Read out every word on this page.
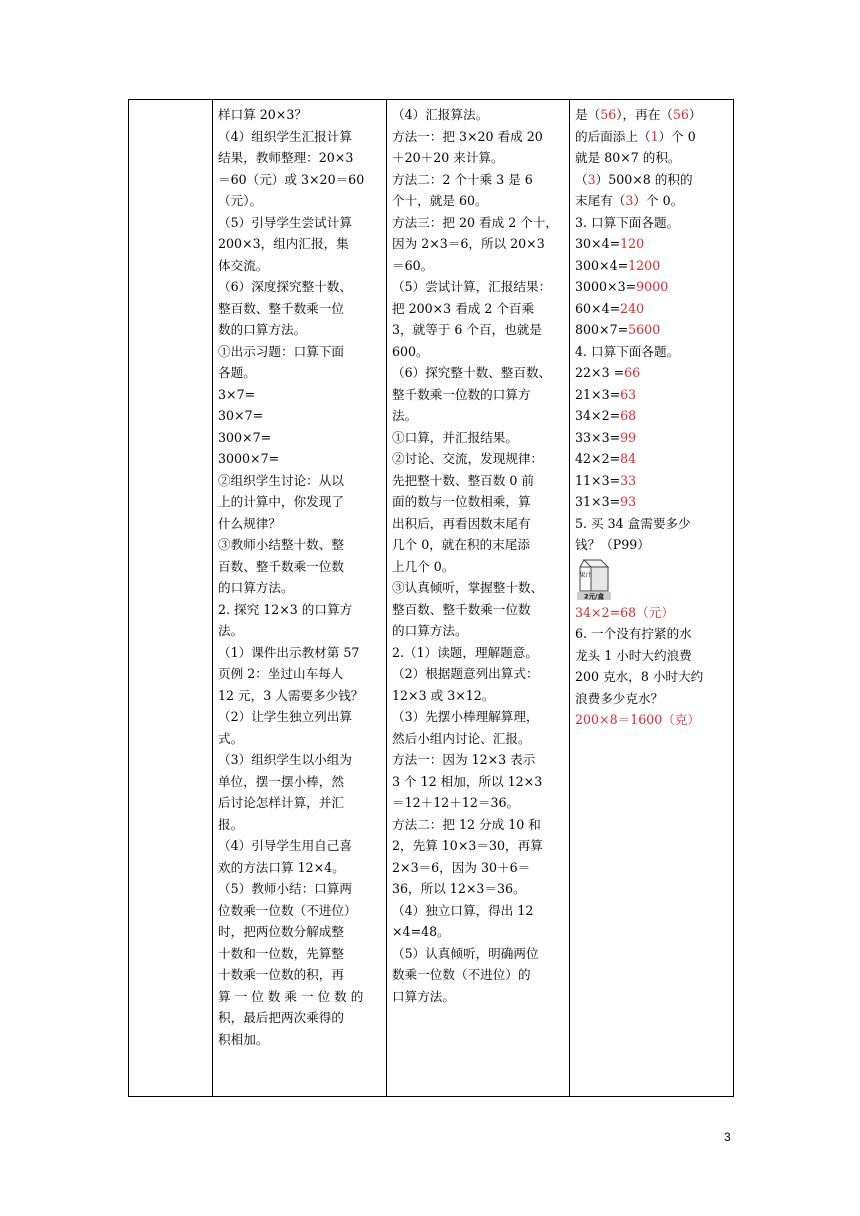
样口算 20×3？
（4）组织学生汇报计算
结果，教师整理：20×3
＝60（元）或 3×20＝60
（元）。
（5）引导学生尝试计算
200×3，组内汇报，集
体交流。
（6）深度探究整十数、
整百数、整千数乘一位
数的口算方法。
①出示习题：口算下面
各题。
3×7=
30×7=
300×7=
3000×7=
②组织学生讨论：从以
上的计算中，你发现了
什么规律？
③教师小结整十数、整
百数、整千数乘一位数
的口算方法。
2. 探究 12×3 的口算方
法。
（1）课件出示教材第 57
页例 2：坐过山车每人
12 元，3 人需要多少钱？
（2）让学生独立列出算
式。
（3）组织学生以小组为
单位，摆一摆小棒，然
后讨论怎样计算，并汇
报。
（4）引导学生用自己喜
欢的方法口算 12×4。
（5）教师小结：口算两
位数乘一位数（不进位）
时，把两位数分解成整
十数和一位数，先算整
十数乘一位数的积，再
算 一 位 数 乘 一 位 数 的
积，最后把两次乘得的
积相加。

（4）汇报算法。
方法一：把 3×20 看成 20
＋20＋20 来计算。
方法二：2 个十乘 3 是 6
个十，就是 60。
方法三：把 20 看成 2 个十，
因为 2×3＝6，所以 20×3
＝60。
（5）尝试计算，汇报结果：
把 200×3 看成 2 个百乘
3，就等于 6 个百，也就是
600。
（6）探究整十数、整百数、
整千数乘一位数的口算方
法。
①口算，并汇报结果。
②讨论、交流，发现规律：
先把整十数、整百数 0 前
面的数与一位数相乘，算
出积后，再看因数末尾有
几个 0，就在积的末尾添
上几个 0。
③认真倾听，掌握整十数、
整百数、整千数乘一位数
的口算方法。
2.（1）读题，理解题意。
（2）根据题意列出算式：
12×3 或 3×12。
（3）先摆小棒理解算理，
然后小组内讨论、汇报。
方法一：因为 12×3 表示
3 个 12 相加，所以 12×3
＝12＋12＋12＝36。
方法二：把 12 分成 10 和
2，先算 10×3＝30，再算
2×3＝6，因为 30＋6＝
36，所以 12×3＝36。
（4）独立口算，得出 12
×4=48。
（5）认真倾听，明确两位
数乘一位数（不进位）的
口算方法。

是（56），再在（56）
的后面添上（1）个 0
就是 80×7 的积。
（3）500×8 的积的
末尾有（3）个 0。
3. 口算下面各题。
30×4=120
300×4=1200
3000×3=9000
60×4=240
800×7=5600
4. 口算下面各题。
22×3 =66
21×3=63
34×2=68
33×3=99
42×2=84
11×3=33
31×3=93
5. 买 34 盒需要多少
钱？（P99）
果汁
2元/盒
34×2=68（元）
6. 一个没有拧紧的水
龙头 1 小时大约浪费
200 克水，8 小时大约
浪费多少克水？
200×8＝1600（克）
3
